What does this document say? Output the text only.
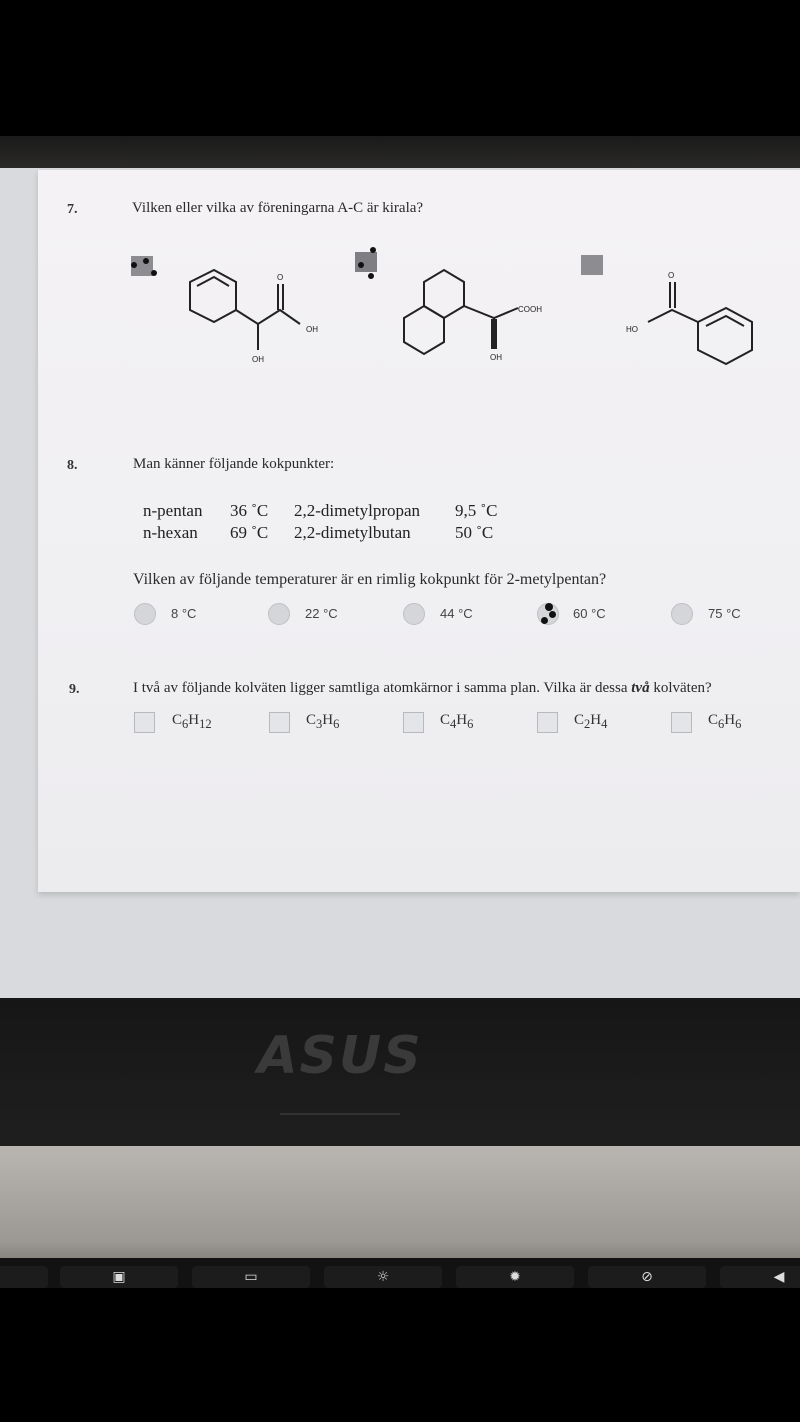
7.	Vilken eller vilka av föreningarna A-C är kirala?
O
OH
OH
COOH
OH
O
HO
8.	Man känner följande kokpunkter:
n-pentan 36 ˚C 2,2-dimetylpropan 9,5 ˚C
n-hexan 69 ˚C 2,2-dimetylbutan	50 ˚C
Vilken av följande temperaturer är en rimlig kokpunkt för 2-metylpentan?
8 °C	22 °C	44 °C	60 °C	75 °C
9.	I två av följande kolväten ligger samtliga atomkärnor i samma plan. Vilka är dessa två kolväten?
$C_6H_{12}$	$C_3H_6$	$C_4H_6$	$C_2H_4$	$C_6H_6$
ASUS
▣	▭	☼	✹	⊘	◀
